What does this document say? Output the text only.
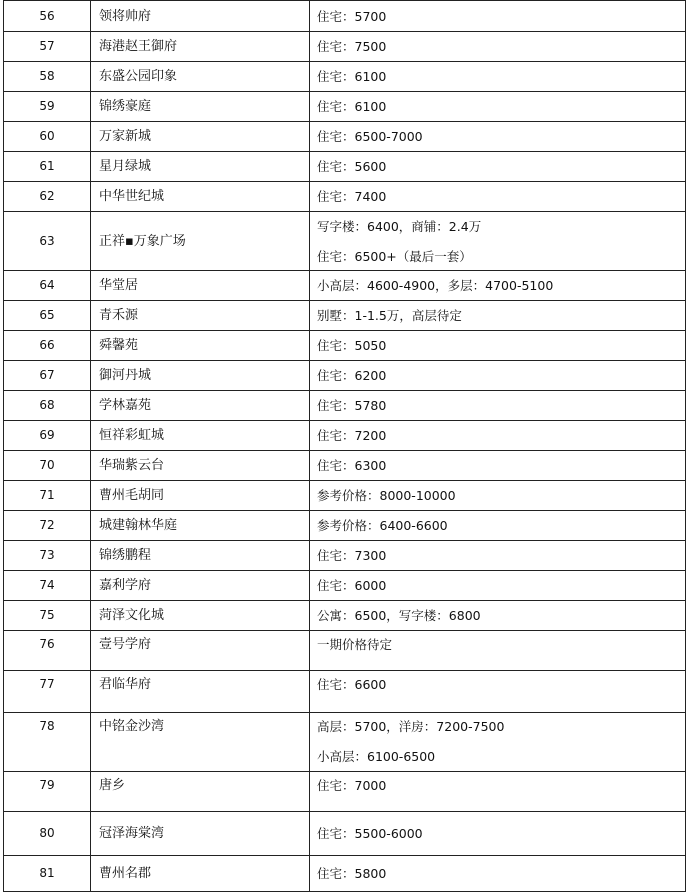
56	领将帅府	住宅：5700

57	海港赵王御府	住宅：7500

58	东盛公园印象	住宅：6100

59	锦绣豪庭	住宅：6100

60	万家新城	住宅：6500-7000

61	星月绿城	住宅：5600

62	中华世纪城	住宅：7400

63	正祥▪万象广场	写字楼：6400，商铺：2.4万
住宅：6500+（最后一套）

64	华堂居	小高层：4600-4900，多层：4700-5100

65	青禾源	别墅：1-1.5万，高层待定

66	舜馨苑	住宅：5050

67	御河丹城	住宅：6200

68	学林嘉苑	住宅：5780

69	恒祥彩虹城	住宅：7200

70	华瑞紫云台	住宅：6300

71	曹州毛胡同	参考价格：8000-10000

72	城建翰林华庭	参考价格：6400-6600

73	锦绣鹏程	住宅：7300

74	嘉利学府	住宅：6000

75	菏泽文化城	公寓：6500，写字楼：6800

76	壹号学府	一期价格待定

77	君临华府	住宅：6600

78	中铭金沙湾	高层：5700，洋房：7200-7500
小高层：6100-6500

79	唐乡	住宅：7000

80	冠泽海棠湾	住宅：5500-6000

81	曹州名郡	住宅：5800
